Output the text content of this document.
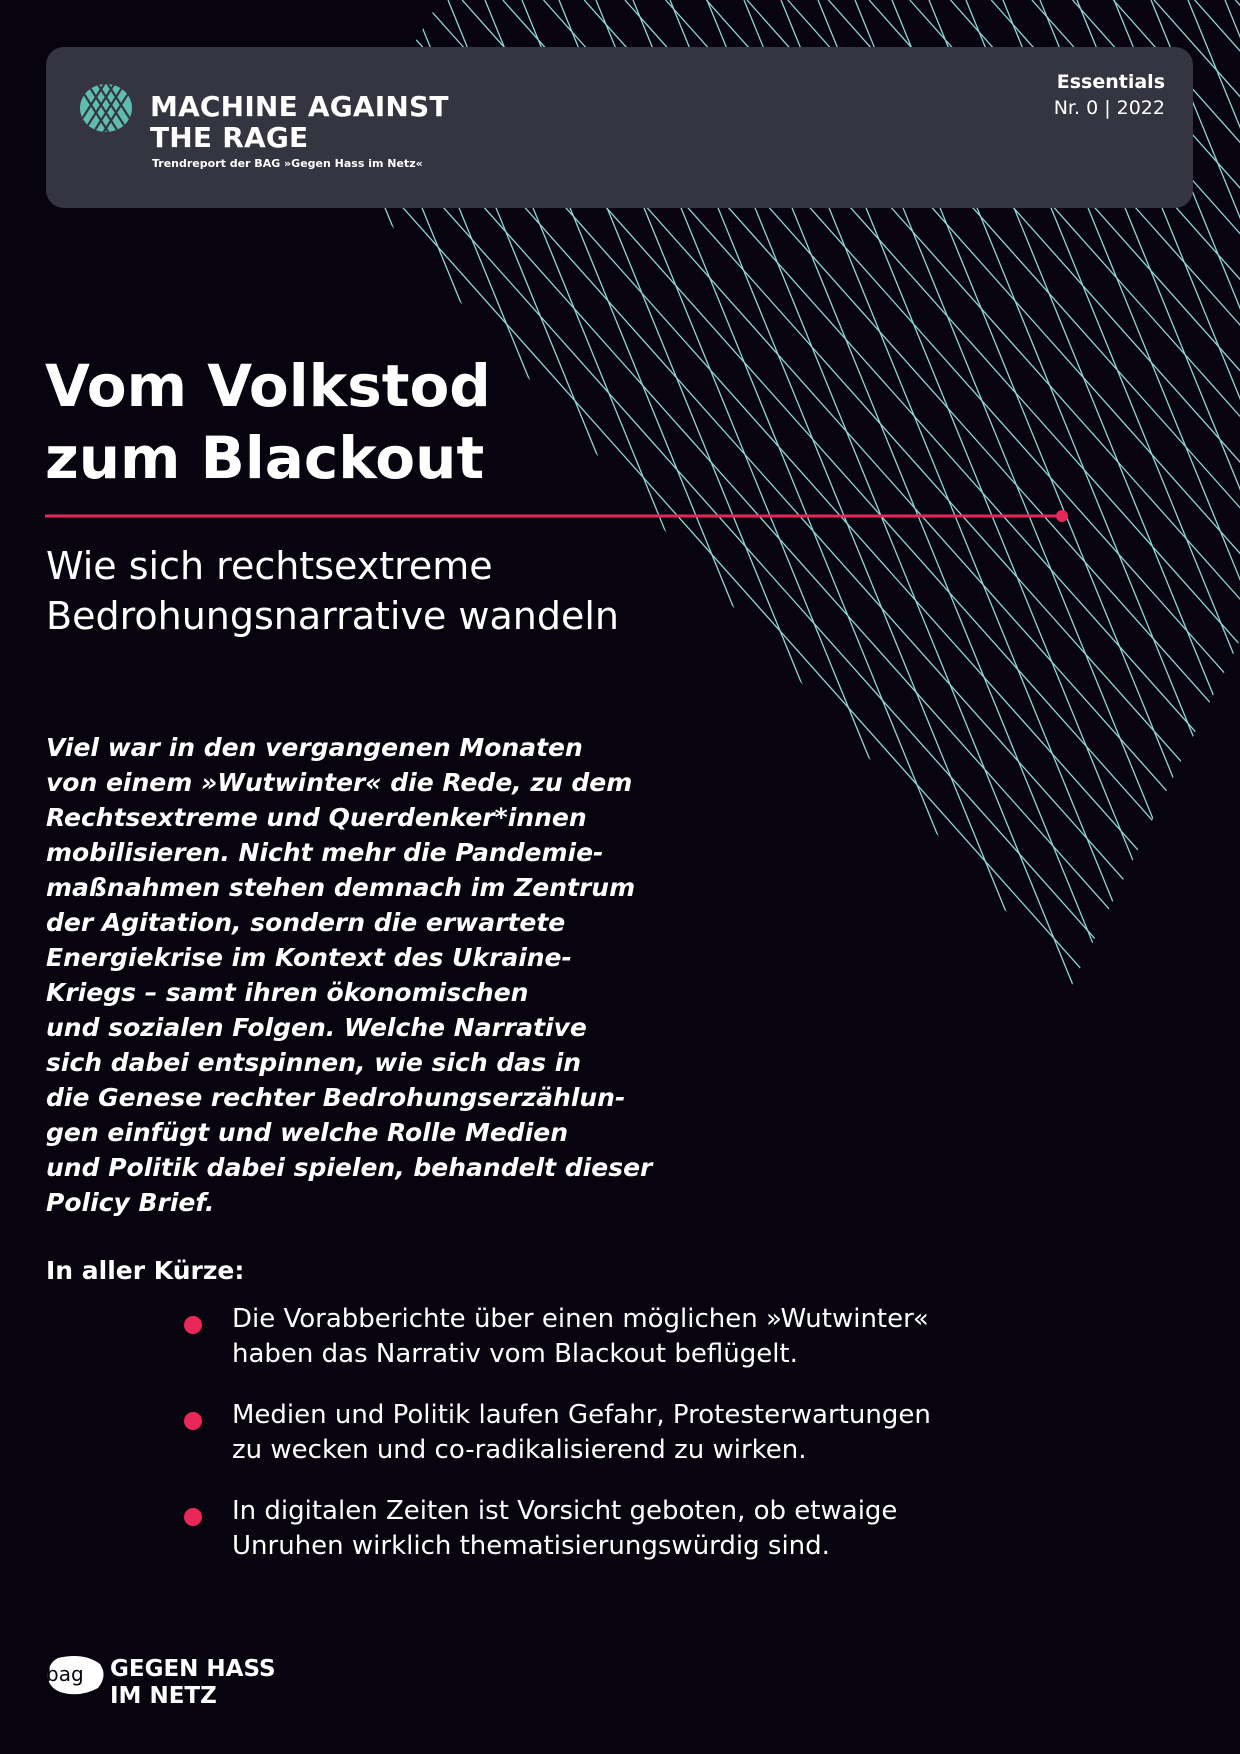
MACHINE AGAINST
THE RAGE
Trendreport der BAG »Gegen Hass im Netz«
Essentials
Nr. 0 | 2022
Vom Volkstod
zum Blackout
Wie sich rechtsextreme
Bedrohungsnarrative wandeln

Viel war in den vergangenen Monaten
von einem »Wutwinter« die Rede, zu dem
Rechtsextreme und Querdenker*innen
mobilisieren. Nicht mehr die Pandemie-
maßnahmen stehen demnach im Zentrum
der Agitation, sondern die erwartete
Energiekrise im Kontext des Ukraine-
Kriegs – samt ihren ökonomischen
und sozialen Folgen. Welche Narrative
sich dabei entspinnen, wie sich das in
die Genese rechter Bedrohungserzählun-
gen einfügt und welche Rolle Medien
und Politik dabei spielen, behandelt dieser
Policy Brief.

In aller Kürze:
Die Vorabberichte über einen möglichen »Wutwinter«
haben das Narrativ vom Blackout beflügelt.
Medien und Politik laufen Gefahr, Protesterwartungen
zu wecken und co-radikalisierend zu wirken.
In digitalen Zeiten ist Vorsicht geboten, ob etwaige
Unruhen wirklich thematisierungswürdig sind.
bag GEGEN HASS
IM NETZ
